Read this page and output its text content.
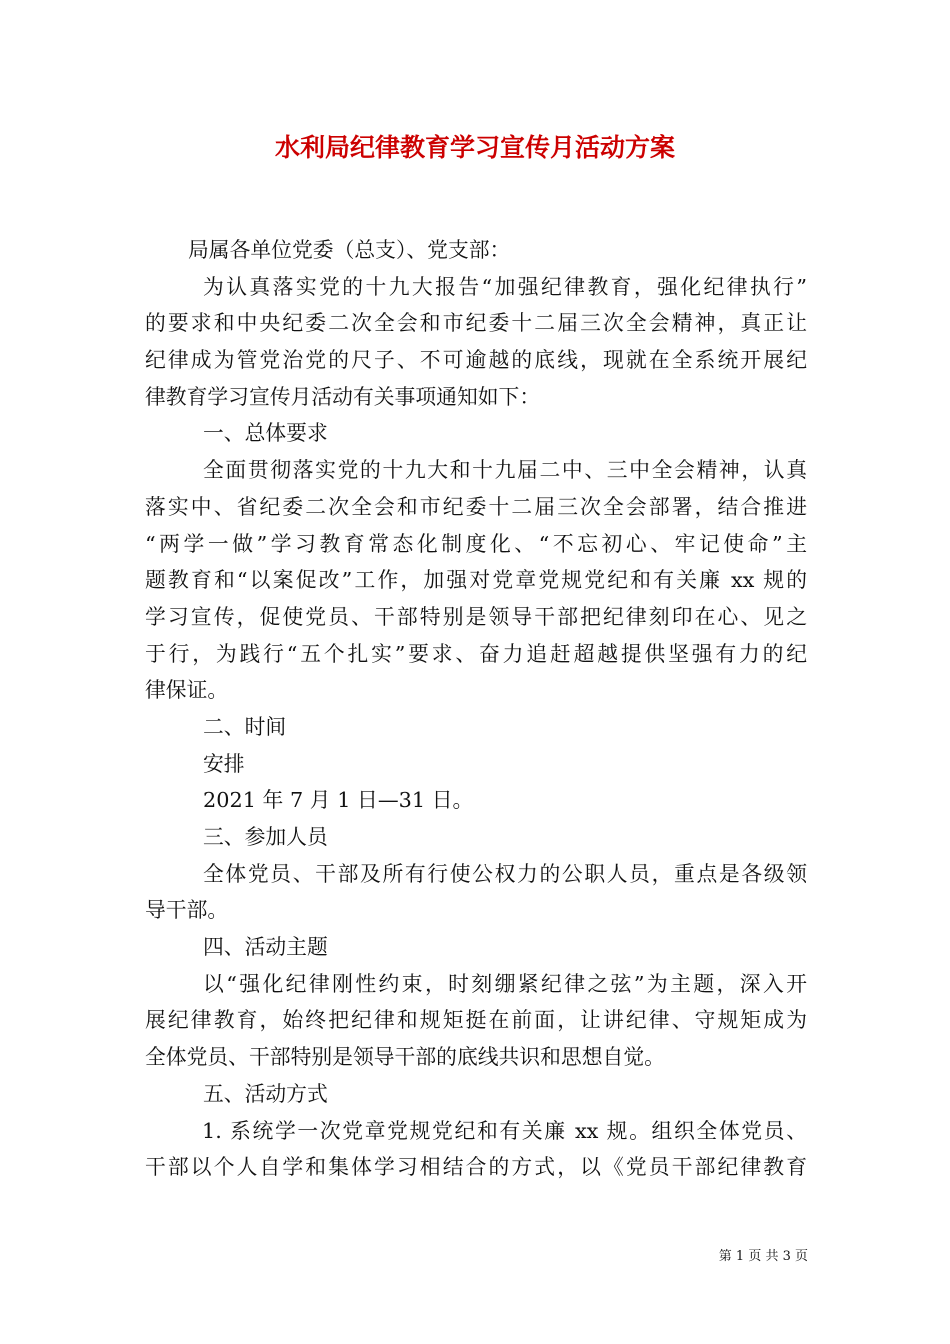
水利局纪律教育学习宣传月活动方案

局属各单位党委（总支）、党支部：

为认真落实党的十九大报告“加强纪律教育，强化纪律执行”

的要求和中央纪委二次全会和市纪委十二届三次全会精神，真正让

纪律成为管党治党的尺子、不可逾越的底线，现就在全系统开展纪

律教育学习宣传月活动有关事项通知如下：

一、总体要求

全面贯彻落实党的十九大和十九届二中、三中全会精神，认真

落实中、省纪委二次全会和市纪委十二届三次全会部署，结合推进

“两学一做”学习教育常态化制度化、“不忘初心、牢记使命”主

题教育和“以案促改”工作，加强对党章党规党纪和有关廉 xx 规的

学习宣传，促使党员、干部特别是领导干部把纪律刻印在心、见之

于行，为践行“五个扎实”要求、奋力追赶超越提供坚强有力的纪

律保证。

二、时间

安排

2021 年 7 月 1 日—31 日。

三、参加人员

全体党员、干部及所有行使公权力的公职人员，重点是各级领

导干部。

四、活动主题

以“强化纪律刚性约束，时刻绷紧纪律之弦”为主题，深入开

展纪律教育，始终把纪律和规矩挺在前面，让讲纪律、守规矩成为

全体党员、干部特别是领导干部的底线共识和思想自觉。

五、活动方式

1. 系统学一次党章党规党纪和有关廉 xx 规。组织全体党员、

干部以个人自学和集体学习相结合的方式，以《党员干部纪律教育

第 1 页 共 3 页
